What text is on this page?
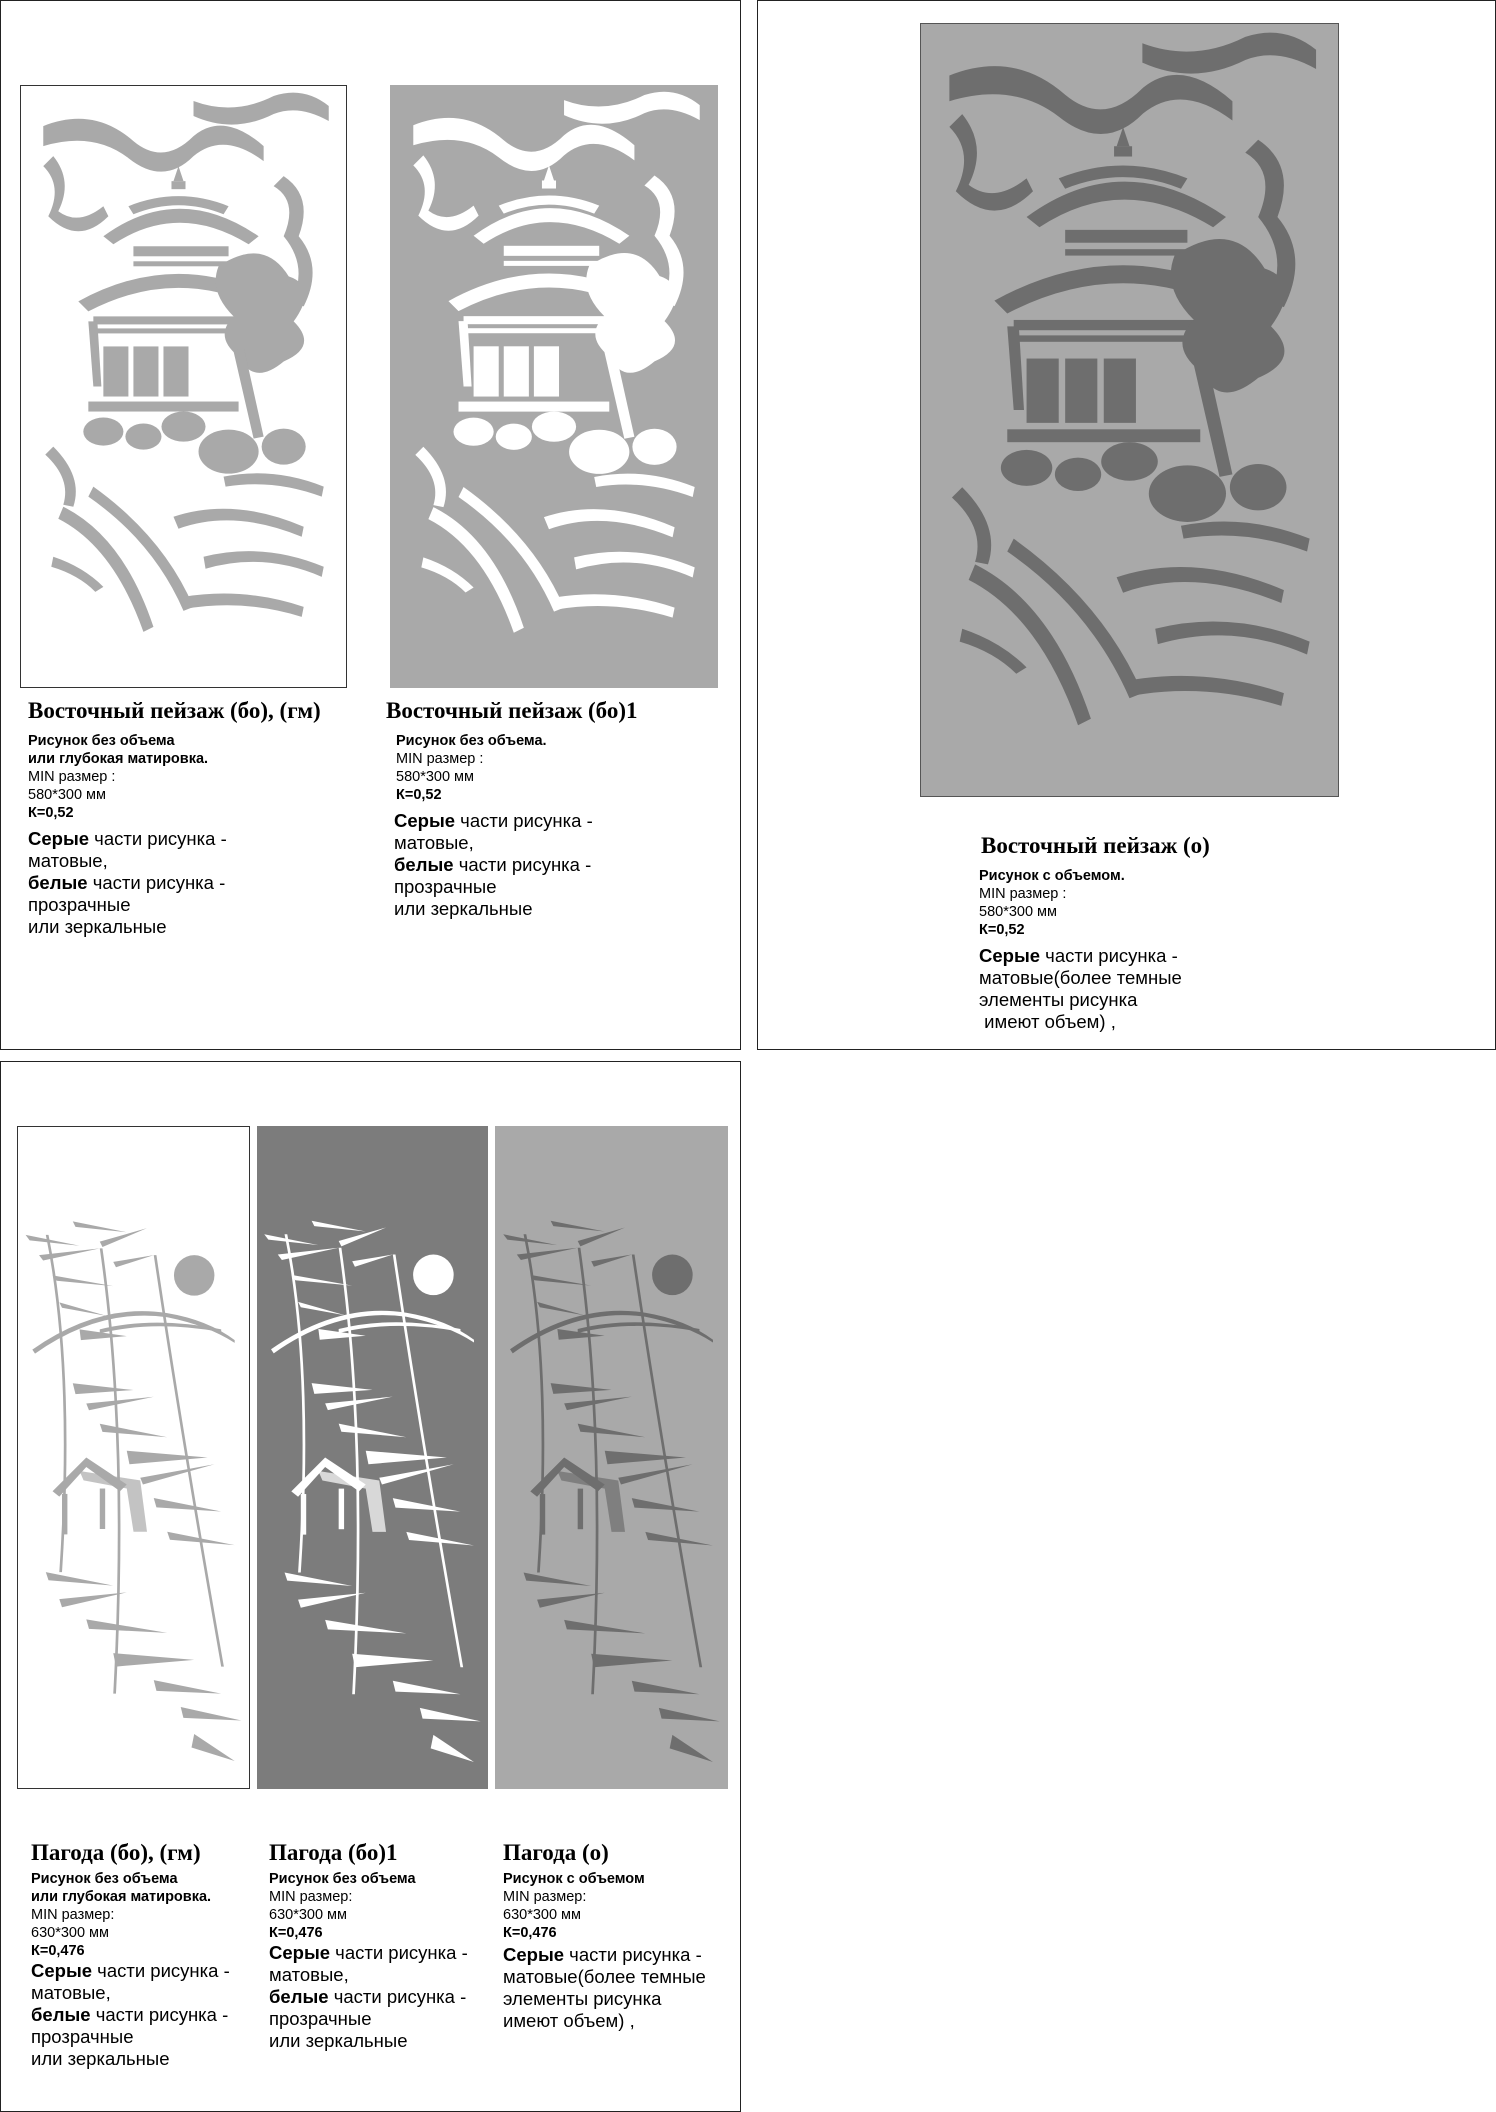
Восточный пейзаж (бо), (гм)
Рисунок без объема
или глубокая матировка.
MIN размер :
580*300 мм
К=0,52
Серые части рисунка -
матовые,
белые части рисунка -
прозрачные
или зеркальные
Восточный пейзаж (бо)1
Рисунок без объема.
MIN размер :
580*300 мм
К=0,52
Серые части рисунка -
матовые,
белые части рисунка -
прозрачные
или зеркальные
Восточный пейзаж (о)
Рисунок с объемом.
MIN размер :
580*300 мм
К=0,52
Серые части рисунка -
матовые(более темные
элементы рисунка
имеют объем) ,
Пагода (бо), (гм)
Рисунок без объема
или глубокая матировка.
MIN размер:
630*300 мм
К=0,476
Серые части рисунка -
матовые,
белые части рисунка -
прозрачные
или зеркальные
Пагода (бо)1
Рисунок без объема
MIN размер:
630*300 мм
К=0,476
Серые части рисунка -
матовые,
белые части рисунка -
прозрачные
или зеркальные
Пагода (о)
Рисунок с объемом
MIN размер:
630*300 мм
К=0,476
Серые части рисунка -
матовые(более темные
элементы рисунка
имеют объем) ,
